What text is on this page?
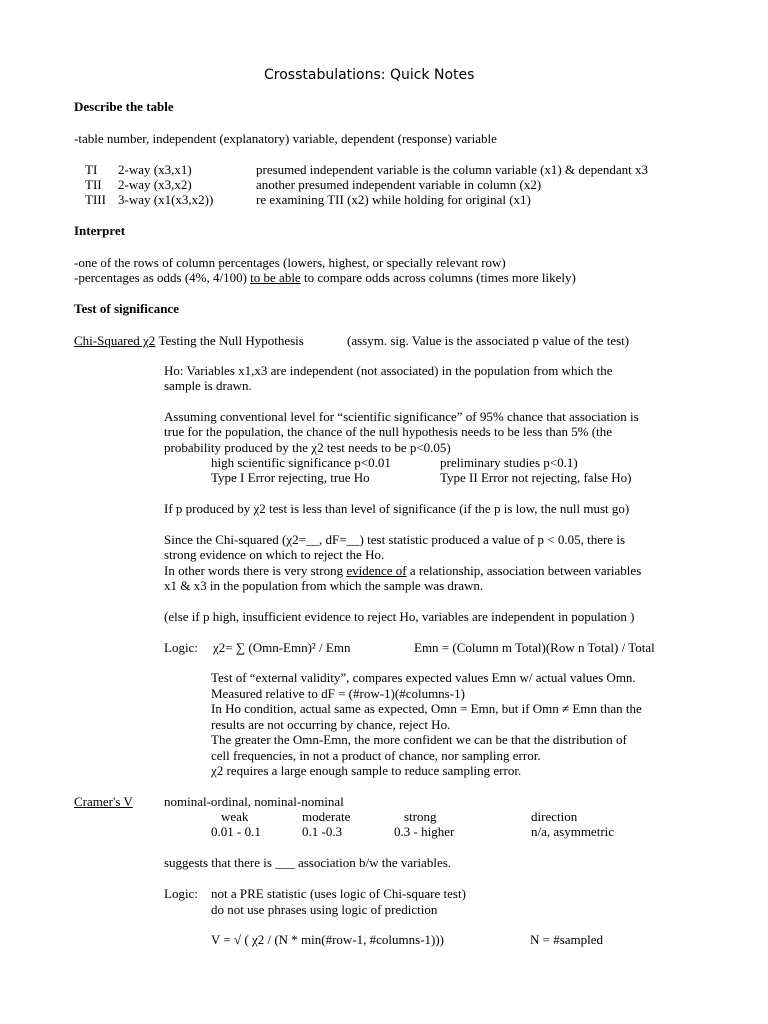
Crosstabulations: Quick Notes
Describe the table
-table number, independent (explanatory) variable, dependent (response) variable
TI 2-way (x3,x1)	presumed independent variable is the column variable (x1) & dependant x3
TII 2-way (x3,x2)	another presumed independent variable in column (x2)
TIII 3-way (x1(x3,x2))	re examining TII (x2) while holding for original (x1)
Interpret
-one of the rows of column percentages (lowers, highest, or specially relevant row)
-percentages as odds (4%, 4/100) to be able to compare odds across columns (times more likely)
Test of significance
Chi-Squared χ2 Testing the Null Hypothesis	(assym. sig. Value is the associated p value of the test)
Ho: Variables x1,x3 are independent (not associated) in the population from which the
sample is drawn.
Assuming conventional level for “scientific significance” of 95% chance that association is
true for the population, the chance of the null hypothesis needs to be less than 5% (the
probability produced by the χ2 test needs to be p<0.05)
high scientific significance p<0.01	preliminary studies p<0.1)
Type I Error rejecting, true Ho	Type II Error not rejecting, false Ho)
If p produced by χ2 test is less than level of significance (if the p is low, the null must go)
Since the Chi-squared (χ2=__, dF=__) test statistic produced a value of p < 0.05, there is
strong evidence on which to reject the Ho.
In other words there is very strong evidence of a relationship, association between variables
x1 & x3 in the population from which the sample was drawn.
(else if p high, insufficient evidence to reject Ho, variables are independent in population )
Logic: χ2= ∑ (Omn-Emn)² / Emn	Emn = (Column m Total)(Row n Total) / Total
Test of “external validity”, compares expected values Emn w/ actual values Omn.
Measured relative to dF = (#row-1)(#columns-1)
In Ho condition, actual same as expected, Omn = Emn, but if Omn ≠ Emn than the
results are not occurring by chance, reject Ho.
The greater the Omn-Emn, the more confident we can be that the distribution of
cell frequencies, in not a product of chance, nor sampling error.
χ2 requires a large enough sample to reduce sampling error.
Cramer's V nominal-ordinal, nominal-nominal
weak	moderate	strong	direction
0.01 - 0.1	0.1 -0.3	0.3 - higher	n/a, asymmetric
suggests that there is ___ association b/w the variables.
Logic: not a PRE statistic (uses logic of Chi-square test)
do not use phrases using logic of prediction
V = √ ( χ2 / (N * min(#row-1, #columns-1)))	N = #sampled
